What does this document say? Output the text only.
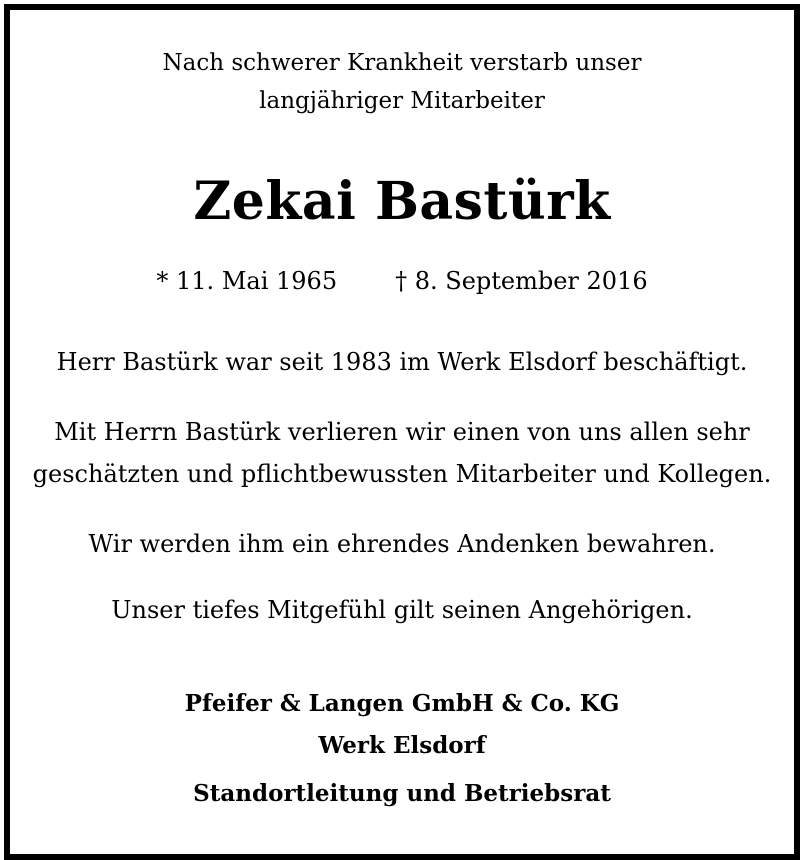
Nach schwerer Krankheit verstarb unser
langjähriger Mitarbeiter
Zekai Bastürk
* 11. Mai 1965 † 8. September 2016
Herr Bastürk war seit 1983 im Werk Elsdorf beschäftigt.
Mit Herrn Bastürk verlieren wir einen von uns allen sehr
geschätzten und pflichtbewussten Mitarbeiter und Kollegen.
Wir werden ihm ein ehrendes Andenken bewahren.
Unser tiefes Mitgefühl gilt seinen Angehörigen.
Pfeifer & Langen GmbH & Co. KG
Werk Elsdorf
Standortleitung und Betriebsrat
